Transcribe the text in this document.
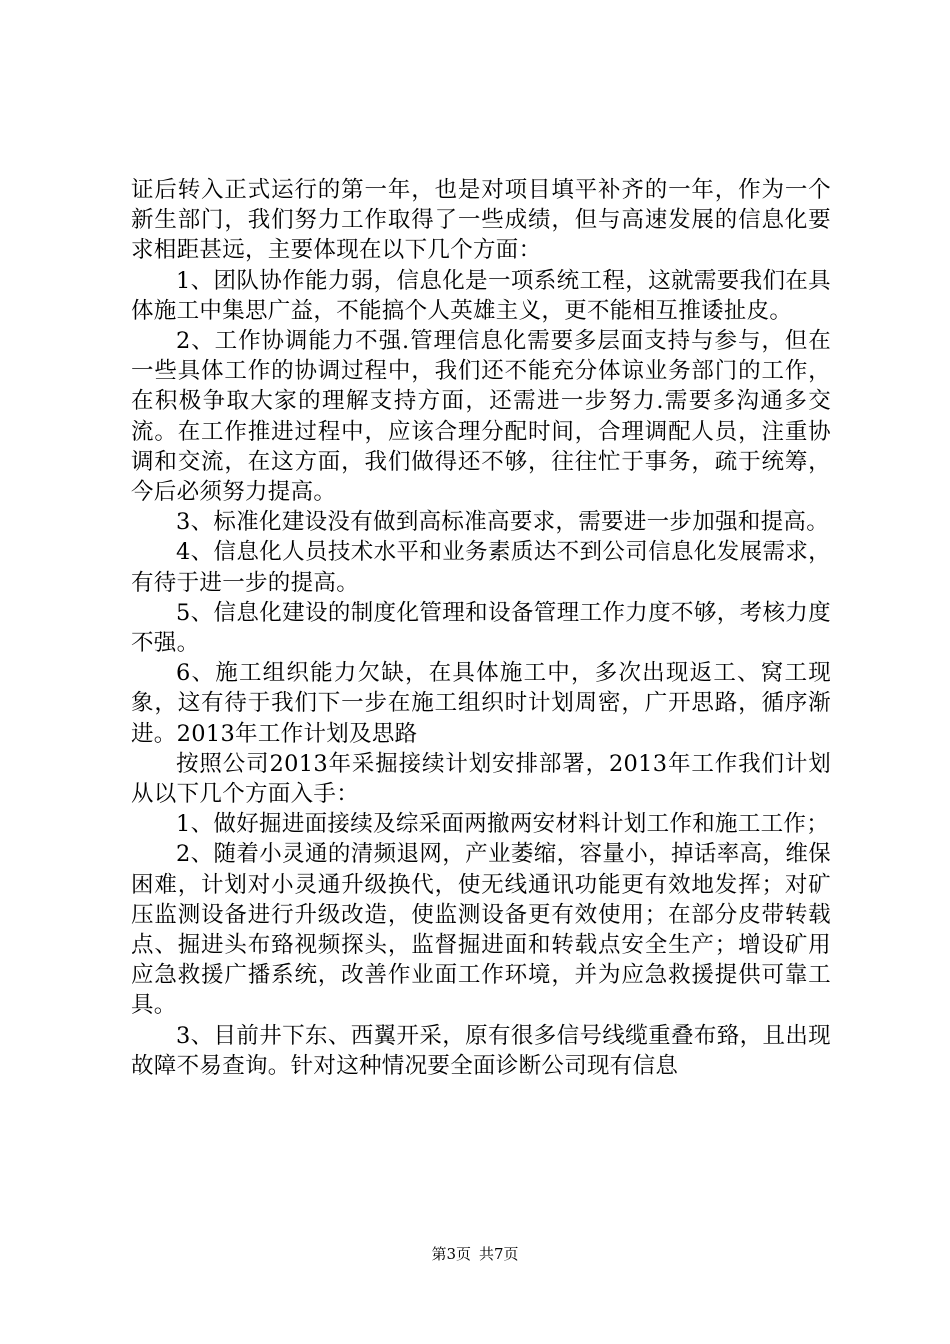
证后转入正式运行的第一年，也是对项目填平补齐的一年，作为一个新生部门，我们努力工作取得了一些成绩，但与高速发展的信息化要求相距甚远，主要体现在以下几个方面：

1、团队协作能力弱，信息化是一项系统工程，这就需要我们在具体施工中集思广益，不能搞个人英雄主义，更不能相互推诿扯皮。

2、工作协调能力不强.管理信息化需要多层面支持与参与，但在一些具体工作的协调过程中，我们还不能充分体谅业务部门的工作，在积极争取大家的理解支持方面，还需进一步努力.需要多沟通多交流。在工作推进过程中，应该合理分配时间，合理调配人员，注重协调和交流，在这方面，我们做得还不够，往往忙于事务，疏于统筹，今后必须努力提高。

3、标准化建设没有做到高标准高要求，需要进一步加强和提高。

4、信息化人员技术水平和业务素质达不到公司信息化发展需求，有待于进一步的提高。

5、信息化建设的制度化管理和设备管理工作力度不够，考核力度不强。

6、施工组织能力欠缺，在具体施工中，多次出现返工、窝工现象，这有待于我们下一步在施工组织时计划周密，广开思路，循序渐进。2013年工作计划及思路

按照公司2013年采掘接续计划安排部署，2013年工作我们计划从以下几个方面入手：

1、做好掘进面接续及综采面两撤两安材料计划工作和施工工作；

2、随着小灵通的清频退网，产业萎缩，容量小，掉话率高，维保困难，计划对小灵通升级换代，使无线通讯功能更有效地发挥；对矿压监测设备进行升级改造，使监测设备更有效使用；在部分皮带转载点、掘进头布臵视频探头，监督掘进面和转载点安全生产；增设矿用应急救援广播系统，改善作业面工作环境，并为应急救援提供可靠工具。

3、目前井下东、西翼开采，原有很多信号线缆重叠布臵，且出现故障不易查询。针对这种情况要全面诊断公司现有信息

第3页 共7页
